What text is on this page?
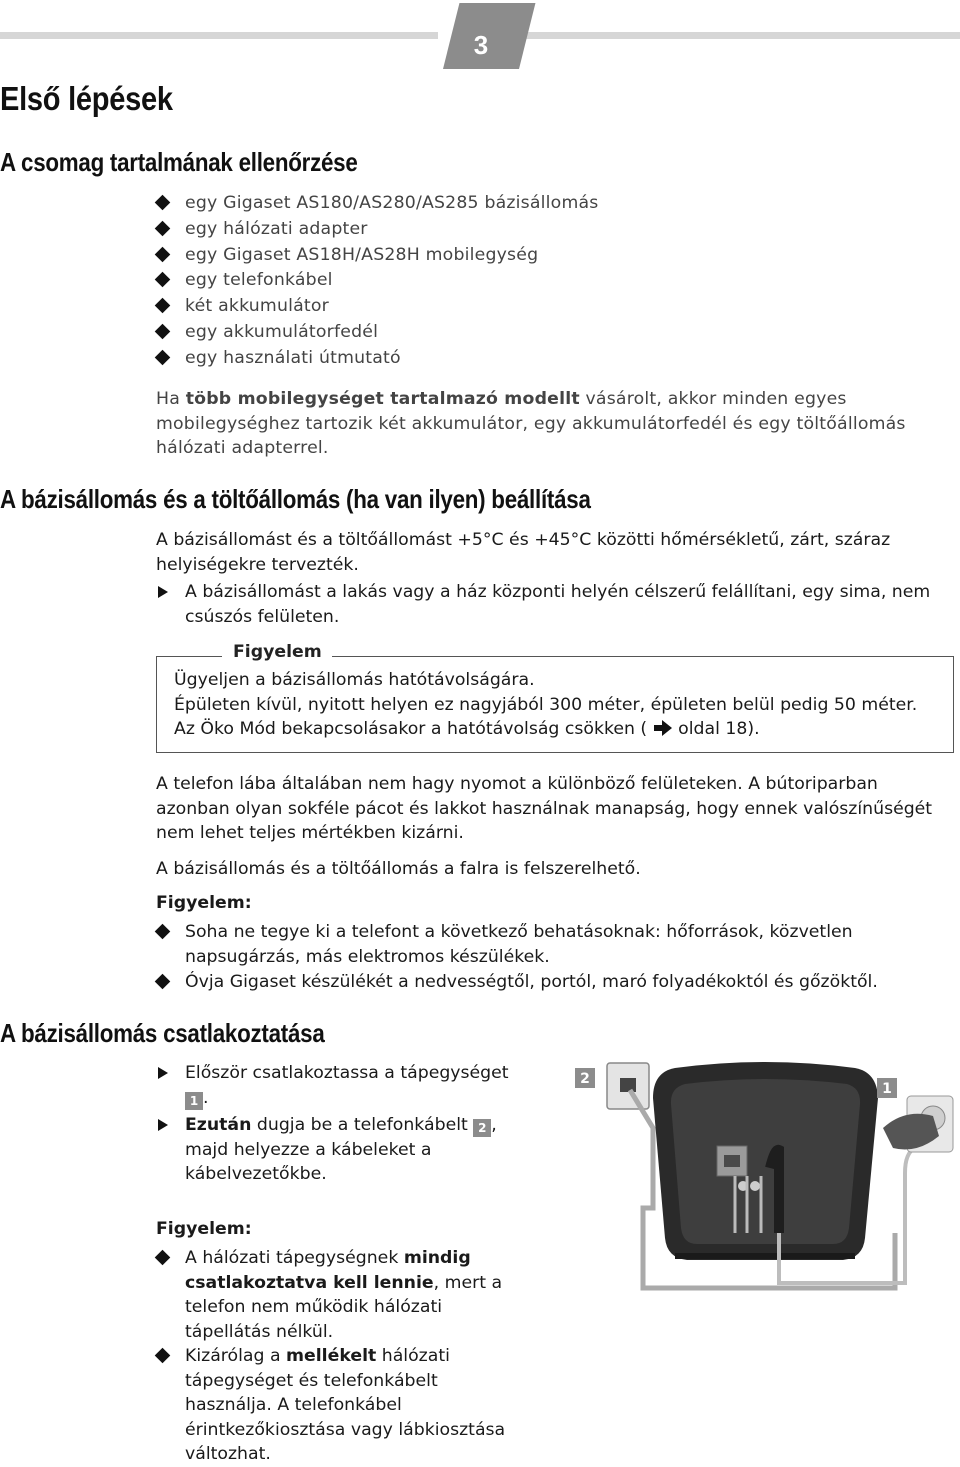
3
Első lépések
A csomag tartalmának ellenőrzése
egy Gigaset AS180/AS280/AS285 bázisállomás
egy hálózati adapter
egy Gigaset AS18H/AS28H mobilegység
egy telefonkábel
két akkumulátor
egy akkumulátorfedél
egy használati útmutató
Ha több mobilegységet tartalmazó modellt vásárolt, akkor minden egyes
mobilegységhez tartozik két akkumulátor, egy akkumulátorfedél és egy töltőállomás
hálózati adapterrel.
A bázisállomás és a töltőállomás (ha van ilyen) beállítása
A bázisállomást és a töltőállomást +5°C és +45°C közötti hőmérsékletű, zárt, száraz
helyiségekre tervezték.
A bázisállomást a lakás vagy a ház központi helyén célszerű felállítani, egy sima, nem
csúszós felületen.
Figyelem
Ügyeljen a bázisállomás hatótávolságára.
Épületen kívül, nyitott helyen ez nagyjából 300 méter, épületen belül pedig 50 méter.
Az Öko Mód bekapcsolásakor a hatótávolság csökken (  oldal 18).
A telefon lába általában nem hagy nyomot a különböző felületeken. A bútoriparban
azonban olyan sokféle pácot és lakkot használnak manapság, hogy ennek valószínűségét
nem lehet teljes mértékben kizárni.
A bázisállomás és a töltőállomás a falra is felszerelhető.
Figyelem:
Soha ne tegye ki a telefont a következő behatásoknak: hőforrások, közvetlen
napsugárzás, más elektromos készülékek.
Óvja Gigaset készülékét a nedvességtől, portól, maró folyadékoktól és gőzöktől.
A bázisállomás csatlakoztatása
Először csatlakoztassa a tápegységet
1 .
Ezután dugja be a telefonkábelt 2 ,
majd helyezze a kábeleket a
kábelvezetőkbe.
Figyelem:
A hálózati tápegységnek mindig
csatlakoztatva kell lennie, mert a
telefon nem működik hálózati
tápellátás nélkül.
Kizárólag a mellékelt hálózati
tápegységet és telefonkábelt
használja. A telefonkábel
érintkezőkiosztása vagy lábkiosztása
változhat.
2
1
